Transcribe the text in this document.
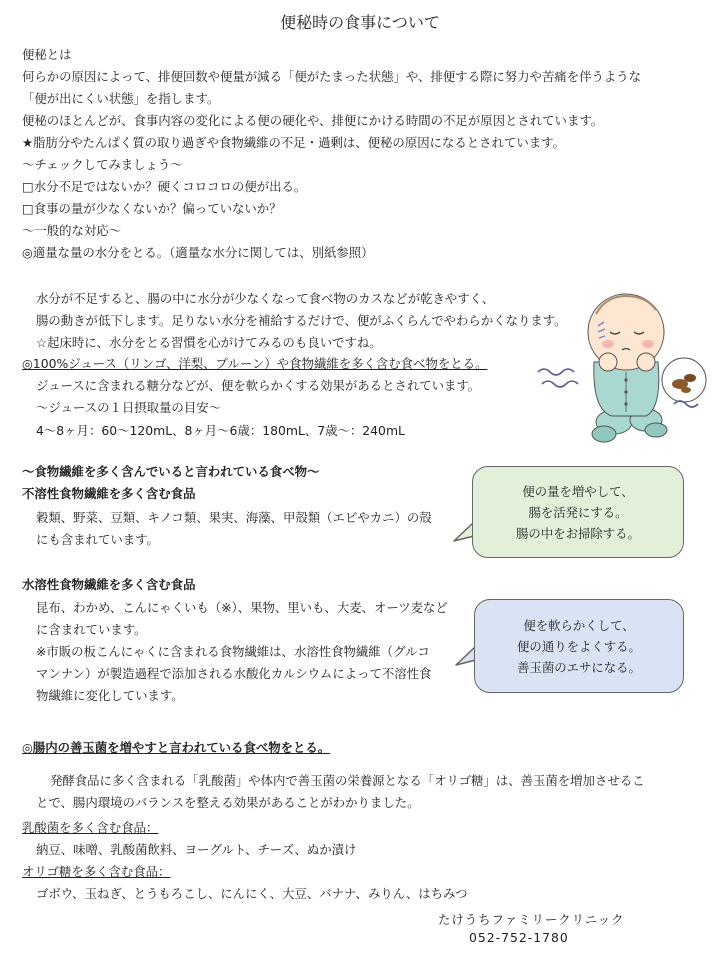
便秘時の食事について
便秘とは
何らかの原因によって、排便回数や便量が減る「便がたまった状態」や、排便する際に努力や苦痛を伴うような
「便が出にくい状態」を指します。
便秘のほとんどが、食事内容の変化による便の硬化や、排便にかける時間の不足が原因とされています。
★脂肪分やたんぱく質の取り過ぎや食物繊維の不足・過剰は、便秘の原因になるとされています。
～チェックしてみましょう～
□水分不足ではないか？硬くコロコロの便が出る。
□食事の量が少なくないか？偏っていないか？
～一般的な対応～
◎適量な量の水分をとる。（適量な水分に関しては、別紙参照）
水分が不足すると、腸の中に水分が少なくなって食べ物のカスなどが乾きやすく、
腸の動きが低下します。足りない水分を補給するだけで、便がふくらんでやわらかくなります。
☆起床時に、水分をとる習慣を心がけてみるのも良いですね。
◎100%ジュース（リンゴ、洋梨、プルーン）や食物繊維を多く含む食べ物をとる。
ジュースに含まれる糖分などが、便を軟らかくする効果があるとされています。
～ジュースの１日摂取量の目安～
4～8ヶ月：60～120mL、8ヶ月～6歳：180mL、7歳～：240mL
～食物繊維を多く含んでいると言われている食べ物～
不溶性食物繊維を多く含む食品
穀類、野菜、豆類、キノコ類、果実、海藻、甲殻類（エビやカニ）の殻
にも含まれています。
便の量を増やして、
腸を活発にする。
腸の中をお掃除する。
水溶性食物繊維を多く含む食品
昆布、わかめ、こんにゃくいも（※）、果物、里いも、大麦、オーツ麦など
に含まれています。
※市販の板こんにゃくに含まれる食物繊維は、水溶性食物繊維（グルコ
マンナン）が製造過程で添加される水酸化カルシウムによって不溶性食
物繊維に変化しています。
便を軟らかくして、
便の通りをよくする。
善玉菌のエサになる。
◎腸内の善玉菌を増やすと言われている食べ物をとる。
発酵食品に多く含まれる「乳酸菌」や体内で善玉菌の栄養源となる「オリゴ糖」は、善玉菌を増加させるこ
とで、腸内環境のバランスを整える効果があることがわかりました。
乳酸菌を多く含む食品：
納豆、味噌、乳酸菌飲料、ヨーグルト、チーズ、ぬか漬け
オリゴ糖を多く含む食品：
ゴボウ、玉ねぎ、とうもろこし、にんにく、大豆、バナナ、みりん、はちみつ
たけうちファミリークリニック
052-752-1780
